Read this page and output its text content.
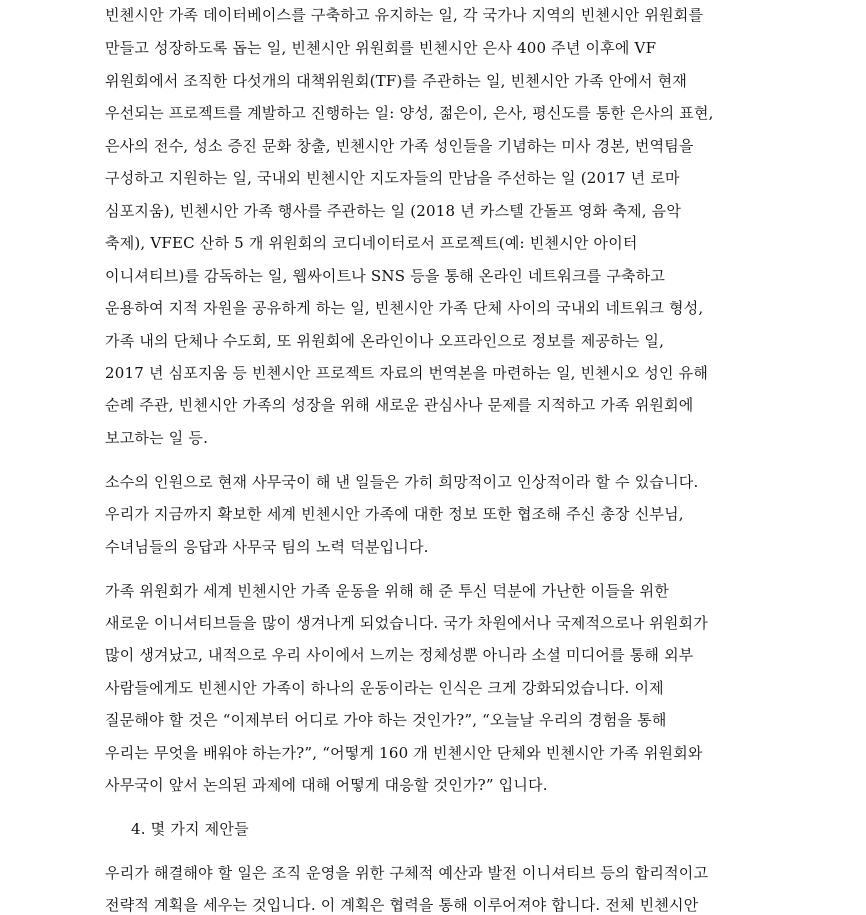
빈첸시안 가족 데이터베이스를 구축하고 유지하는 일, 각 국가나 지역의 빈첸시안 위원회를
만들고 성장하도록 돕는 일, 빈첸시안 위원회를 빈첸시안 은사 400 주년 이후에 VF
위원회에서 조직한 다섯개의 대책위원회(TF)를 주관하는 일, 빈첸시안 가족 안에서 현재
우선되는 프로젝트를 계발하고 진행하는 일: 양성, 젊은이, 은사, 평신도를 통한 은사의 표현,
은사의 전수, 성소 증진 문화 창출, 빈첸시안 가족 성인들을 기념하는 미사 경본, 번역팀을
구성하고 지원하는 일, 국내외 빈첸시안 지도자들의 만남을 주선하는 일 (2017 년 로마
심포지움), 빈첸시안 가족 행사를 주관하는 일 (2018 년 카스텔 간돌프 영화 축제, 음악
축제), VFEC 산하 5 개 위원회의 코디네이터로서 프로젝트(예: 빈첸시안 아이터
이니셔티브)를 감독하는 일, 웹싸이트나 SNS 등을 통해 온라인 네트워크를 구축하고
운용하여 지적 자원을 공유하게 하는 일, 빈첸시안 가족 단체 사이의 국내외 네트워크 형성,
가족 내의 단체나 수도회, 또 위원회에 온라인이나 오프라인으로 정보를 제공하는 일,
2017 년 심포지움 등 빈첸시안 프로젝트 자료의 번역본을 마련하는 일, 빈첸시오 성인 유해
순례 주관, 빈첸시안 가족의 성장을 위해 새로운 관심사나 문제를 지적하고 가족 위원회에
보고하는 일 등.
소수의 인원으로 현재 사무국이 해 낸 일들은 가히 희망적이고 인상적이라 할 수 있습니다.
우리가 지금까지 확보한 세계 빈첸시안 가족에 대한 정보 또한 협조해 주신 총장 신부님,
수녀님들의 응답과 사무국 팀의 노력 덕분입니다.
가족 위원회가 세계 빈첸시안 가족 운동을 위해 해 준 투신 덕분에 가난한 이들을 위한
새로운 이니셔티브들을 많이 생겨나게 되었습니다. 국가 차원에서나 국제적으로나 위원회가
많이 생겨났고, 내적으로 우리 사이에서 느끼는 정체성뿐 아니라 소셜 미디어를 통해 외부
사람들에게도 빈첸시안 가족이 하나의 운동이라는 인식은 크게 강화되었습니다. 이제
질문해야 할 것은 “이제부터 어디로 가야 하는 것인가?”, “오늘날 우리의 경험을 통해
우리는 무엇을 배워야 하는가?”, “어떻게 160 개 빈첸시안 단체와 빈첸시안 가족 위원회와
사무국이 앞서 논의된 과제에 대해 어떻게 대응할 것인가?” 입니다.
4. 몇 가지 제안들
우리가 해결해야 할 일은 조직 운영을 위한 구체적 예산과 발전 이니셔티브 등의 합리적이고
전략적 계획을 세우는 것입니다. 이 계획은 협력을 통해 이루어져야 합니다. 전체 빈첸시안
